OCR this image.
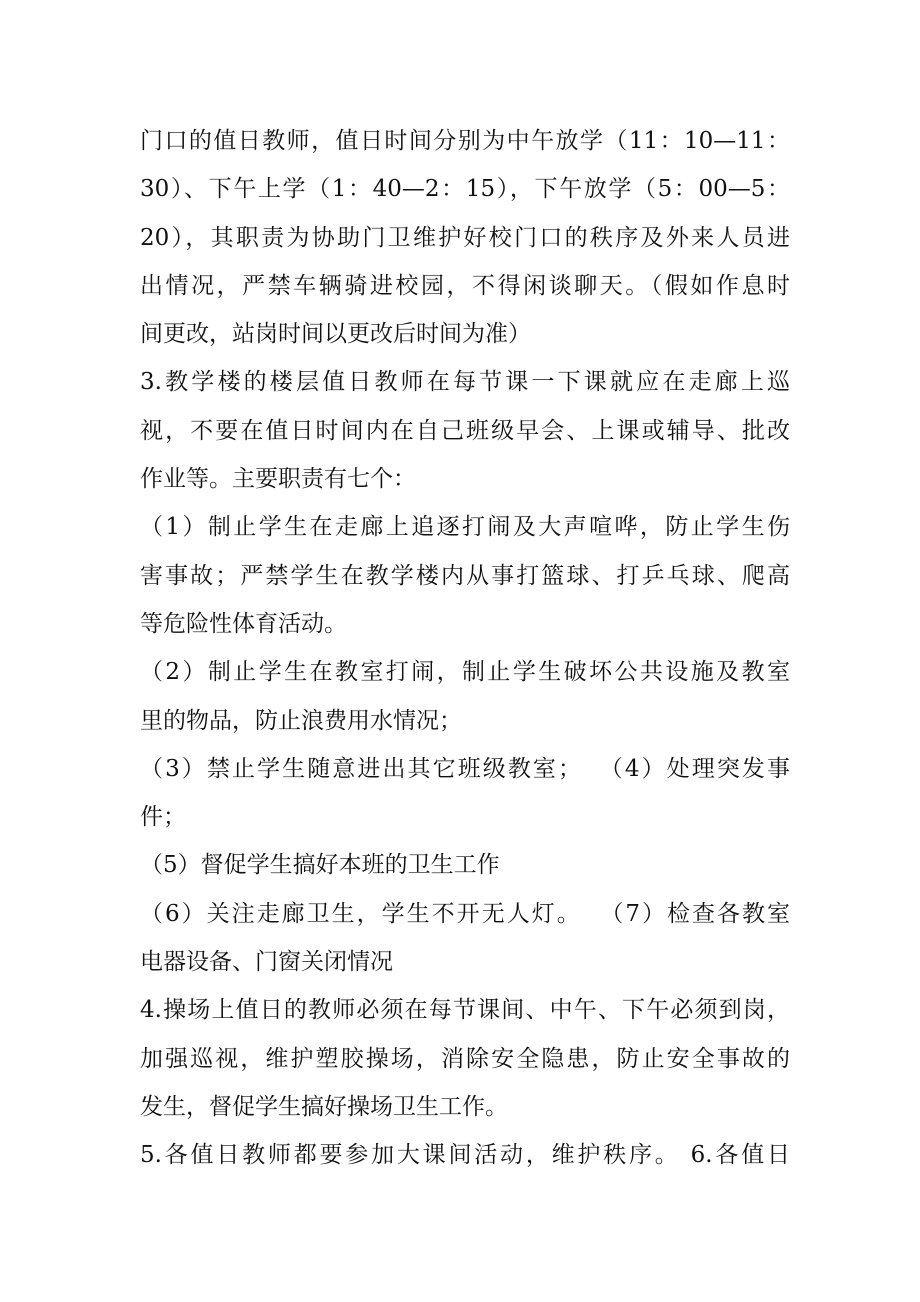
门口的值日教师，值日时间分别为中午放学（11：10—11：
30）、下午上学（1：40—2：15），下午放学（5：00—5：
20），其职责为协助门卫维护好校门口的秩序及外来人员进
出情况，严禁车辆骑进校园，不得闲谈聊天。（假如作息时
间更改，站岗时间以更改后时间为准）
3.教学楼的楼层值日教师在每节课一下课就应在走廊上巡
视，不要在值日时间内在自己班级早会、上课或辅导、批改
作业等。主要职责有七个：
（1）制止学生在走廊上追逐打闹及大声喧哗，防止学生伤
害事故；严禁学生在教学楼内从事打篮球、打乒乓球、爬高
等危险性体育活动。
（2）制止学生在教室打闹，制止学生破坏公共设施及教室
里的物品，防止浪费用水情况；
（3）禁止学生随意进出其它班级教室；  （4）处理突发事
件；
（5）督促学生搞好本班的卫生工作
（6）关注走廊卫生，学生不开无人灯。  （7）检查各教室
电器设备、门窗关闭情况
4.操场上值日的教师必须在每节课间、中午、下午必须到岗，
加强巡视，维护塑胶操场，消除安全隐患，防止安全事故的
发生，督促学生搞好操场卫生工作。
5.各值日教师都要参加大课间活动，维护秩序。 6.各值日
